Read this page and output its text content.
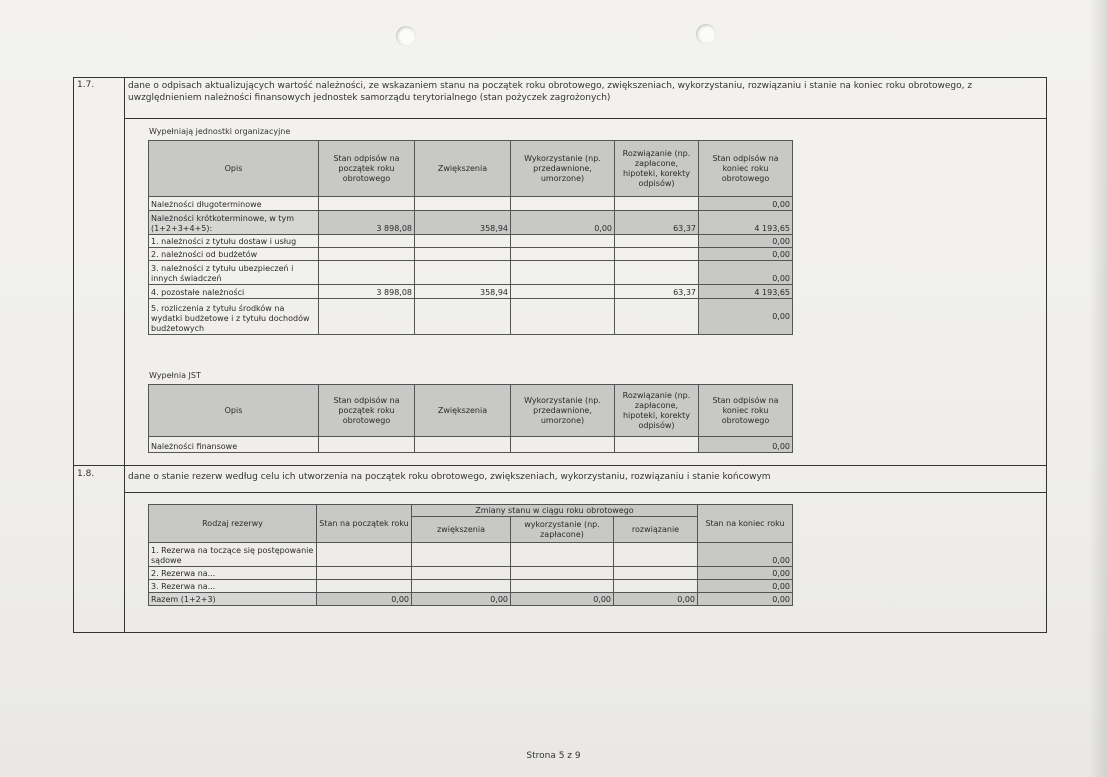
1.7.	dane o odpisach aktualizujących wartość należności, ze wskazaniem stanu na początek roku obrotowego, zwiększeniach, wykorzystaniu, rozwiązaniu i stanie na koniec roku obrotowego, z uwzględnieniem należności finansowych jednostek samorządu terytorialnego (stan pożyczek zagrożonych)
1.8.	dane o stanie rezerw według celu ich utworzenia na początek roku obrotowego, zwiększeniach, wykorzystaniu, rozwiązaniu i stanie końcowym
Wypełniają jednostki organizacyjne
Opis	Stan odpisów na początek roku obrotowego	Zwiększenia	Wykorzystanie (np. przedawnione, umorzone)	Rozwiązanie (np. zapłacone, hipoteki, korekty odpisów)	Stan odpisów na koniec roku obrotowego
Należności długoterminowe					0,00
Należności krótkoterminowe, w tym (1+2+3+4+5):	3 898,08	358,94	0,00	63,37	4 193,65
1. należności z tytułu dostaw i usług					0,00
2. należności od budżetów					0,00
3. należności z tytułu ubezpieczeń i innych świadczeń					0,00
4. pozostałe należności	3 898,08	358,94		63,37	4 193,65
5. rozliczenia z tytułu środków na wydatki budżetowe i z tytułu dochodów budżetowych					0,00
Wypełnia JST
Opis	Stan odpisów na początek roku obrotowego	Zwiększenia	Wykorzystanie (np. przedawnione, umorzone)	Rozwiązanie (np. zapłacone, hipoteki, korekty odpisów)	Stan odpisów na koniec roku obrotowego
Należności finansowe					0,00
Rodzaj rezerwy	Stan na początek roku	Zmiany stanu w ciągu roku obrotowego			Stan na koniec roku
		zwiększenia	wykorzystanie (np. zapłacone)	rozwiązanie	
1. Rezerwa na toczące się postępowanie sądowe					0,00
2. Rezerwa na...					0,00
3. Rezerwa na...					0,00
Razem (1+2+3)	0,00	0,00	0,00	0,00	0,00
Strona 5 z 9
